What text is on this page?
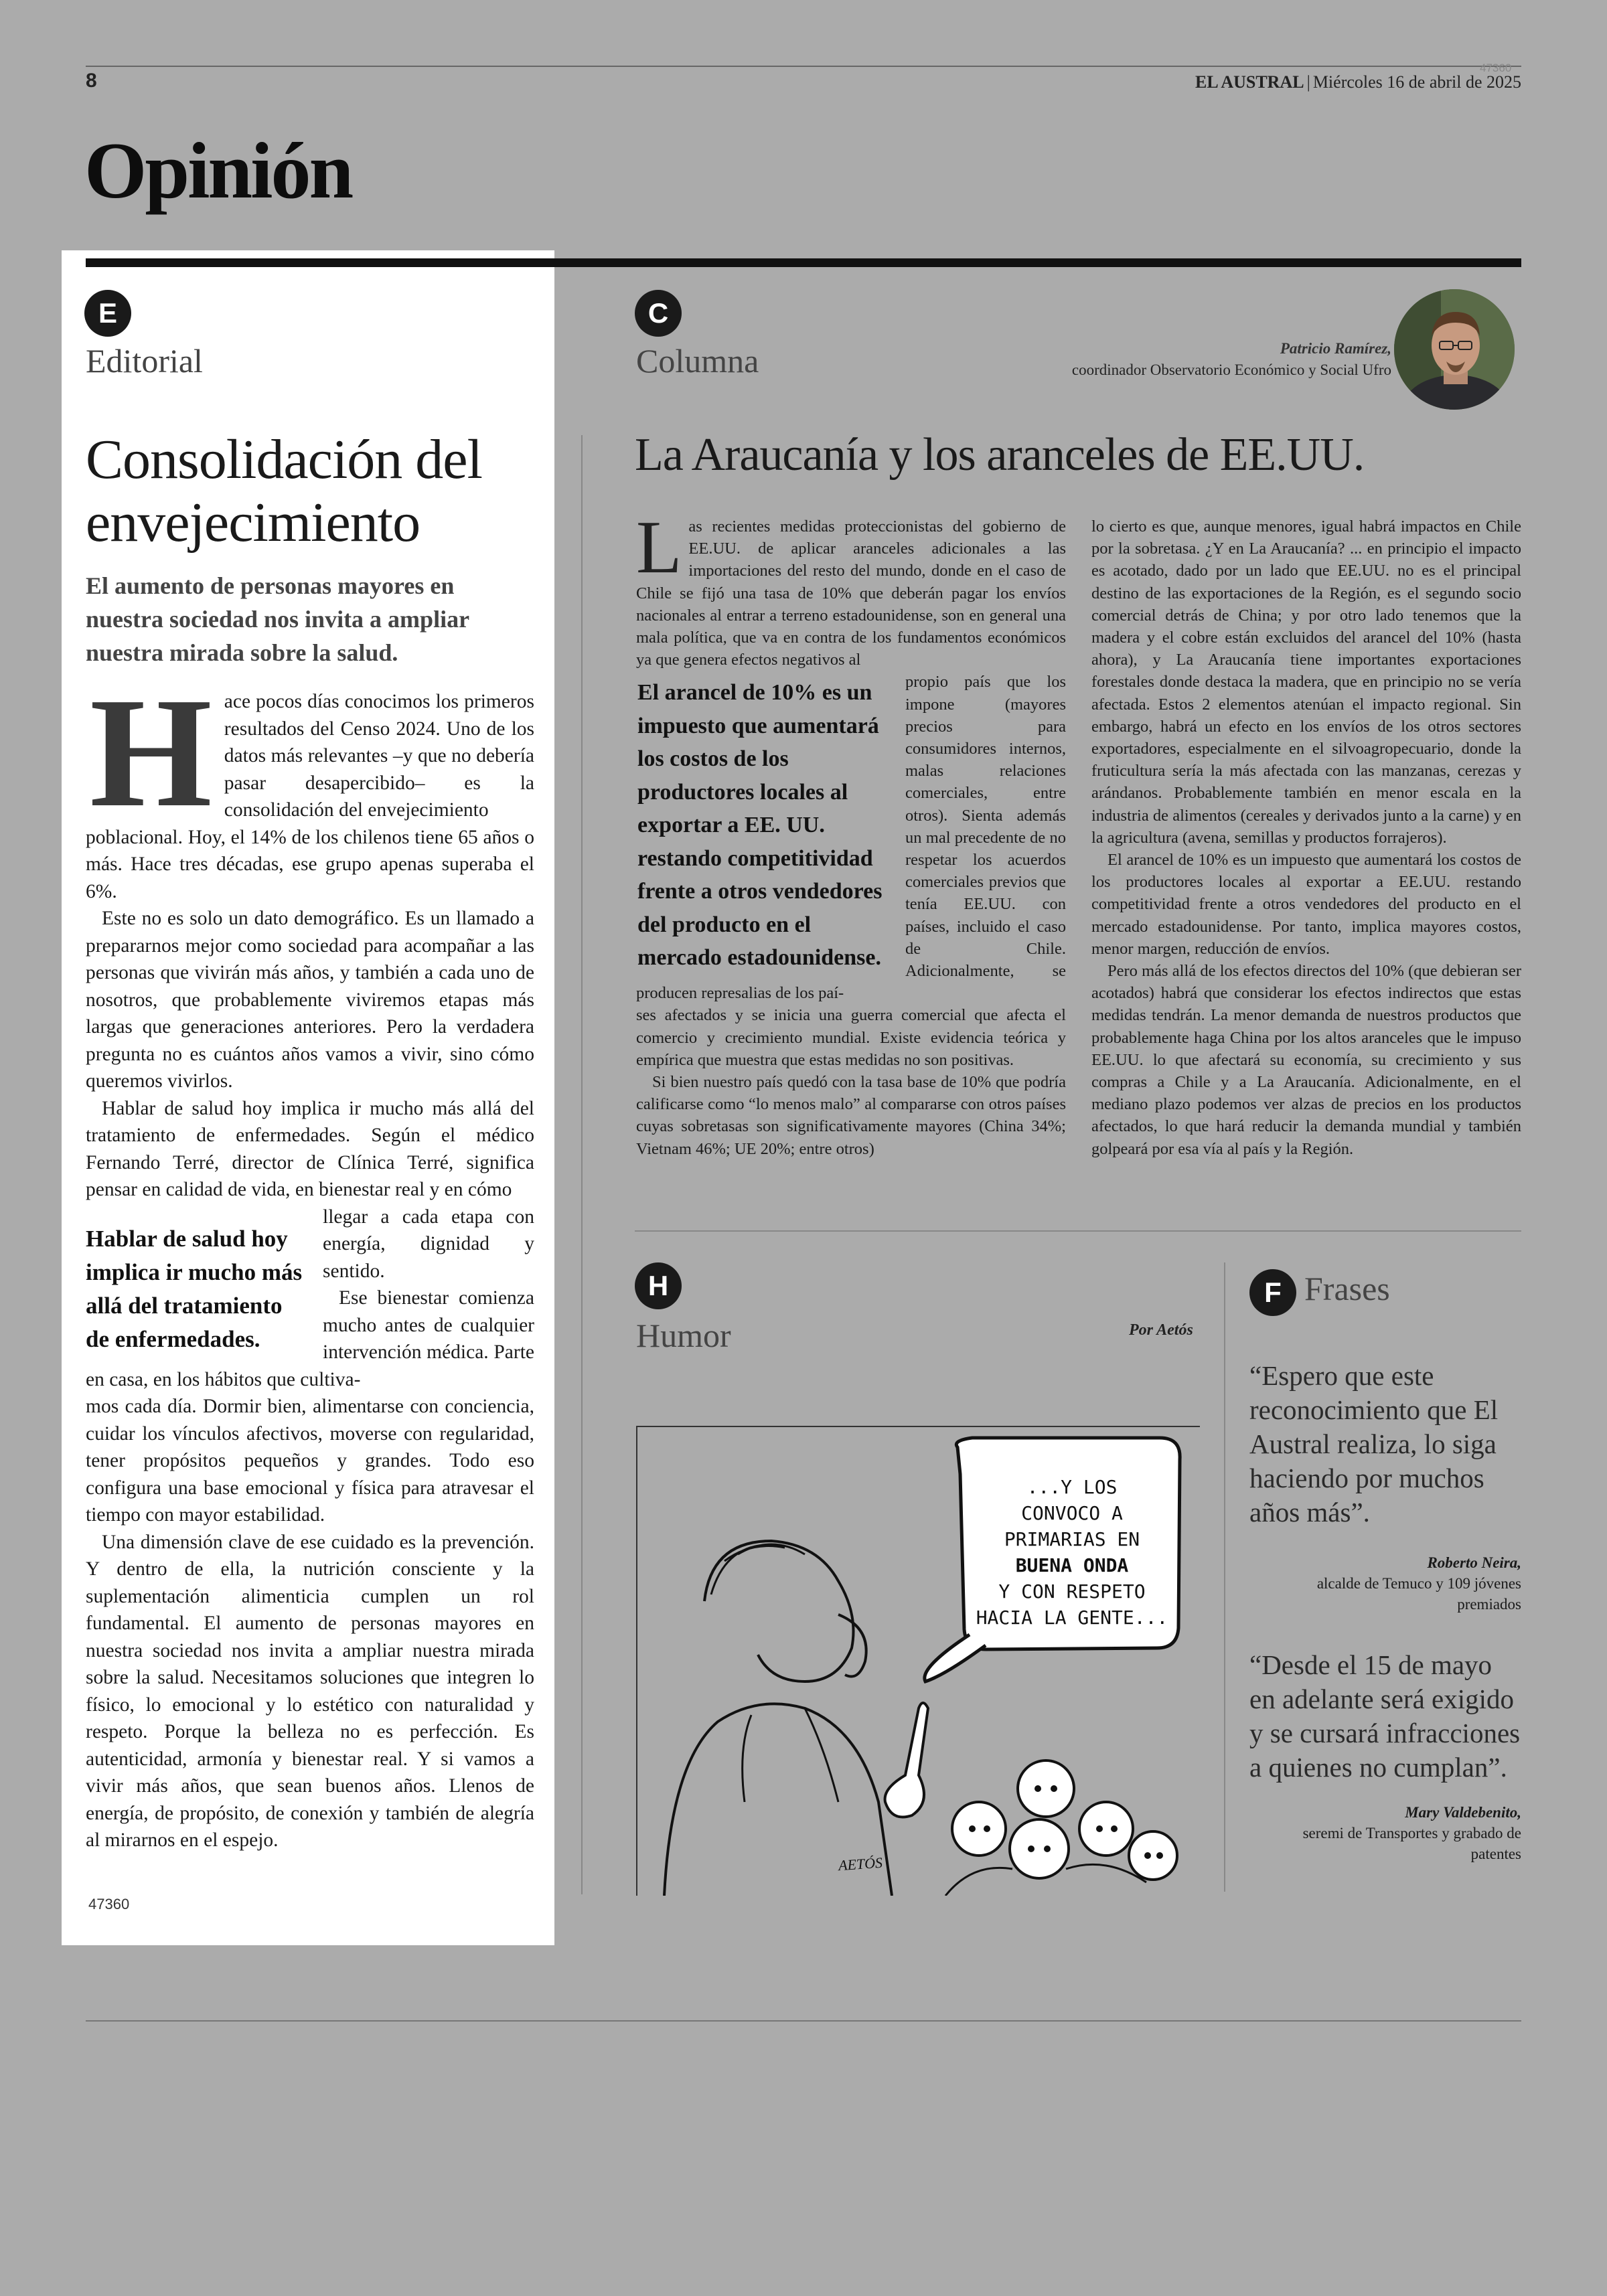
8
47360
EL AUSTRAL | Miércoles 16 de abril de 2025
Opinión
E
Editorial
Consolidación del envejecimiento
El aumento de personas mayores en nuestra sociedad nos invita a ampliar nuestra mirada sobre la salud.
H ace pocos días conocimos los primeros resultados del Censo 2024. Uno de los datos más relevantes –y que no debería pasar desapercibido– es la consolidación del envejecimiento

poblacional. Hoy, el 14% de los chilenos tiene 65 años o más. Hace tres décadas, ese grupo apenas superaba el 6%.

Este no es solo un dato demográfico. Es un llamado a prepararnos mejor como sociedad para acompañar a las personas que vivirán más años, y también a cada uno de nosotros, que probablemente viviremos etapas más largas que generaciones anteriores. Pero la verdadera pregunta no es cuántos años vamos a vivir, sino cómo queremos vivirlos.

Hablar de salud hoy implica ir mucho más allá del tratamiento de enfermedades. Según el médico Fernando Terré, director de Clínica Terré, significa pensar en calidad de vida, en bienestar real y en cómo

Hablar de salud hoy implica ir mucho más allá del tratamiento de enfermedades.

llegar a cada etapa con energía, dignidad y sentido.

Ese bienestar comienza mucho antes de cualquier intervención médica. Parte en casa, en los hábitos que cultiva-

mos cada día. Dormir bien, alimentarse con conciencia, cuidar los vínculos afectivos, moverse con regularidad, tener propósitos pequeños y grandes. Todo eso configura una base emocional y física para atravesar el tiempo con mayor estabilidad.

Una dimensión clave de ese cuidado es la prevención. Y dentro de ella, la nutrición consciente y la suplementación alimenticia cumplen un rol fundamental. El aumento de personas mayores en nuestra sociedad nos invita a ampliar nuestra mirada sobre la salud. Necesitamos soluciones que integren lo físico, lo emocional y lo estético con naturalidad y respeto. Porque la belleza no es perfección. Es autenticidad, armonía y bienestar real. Y si vamos a vivir más años, que sean buenos años. Llenos de energía, de propósito, de conexión y también de alegría al mirarnos en el espejo.

47360
C
Columna	Patricio Ramírez,
coordinador Observatorio Económico y Social Ufro
La Araucanía y los aranceles de EE.UU.
L as recientes medidas proteccionistas del gobierno de EE.UU. de aplicar aranceles adicionales a las importaciones del resto del mundo, donde en el caso de Chile se fijó una tasa de 10% que deberán pagar los envíos nacionales al entrar a terreno estadounidense, son en general una mala política, que va en contra de los fundamentos económicos ya que genera efectos negativos al

El arancel de 10% es un impuesto que aumentará los costos de los productores locales al exportar a EE. UU. restando competitividad frente a otros vendedores del producto en el mercado estadounidense.

propio país que los impone (mayores precios para consumidores internos, malas relaciones comerciales, entre otros). Sienta además un mal precedente de no respetar los acuerdos comerciales previos que tenía EE.UU. con países, incluido el caso de Chile. Adicionalmente, se producen represalias de los paí-

ses afectados y se inicia una guerra comercial que afecta el comercio y crecimiento mundial. Existe evidencia teórica y empírica que muestra que estas medidas no son positivas.

Si bien nuestro país quedó con la tasa base de 10% que podría calificarse como “lo menos malo” al compararse con otros países cuyas sobretasas son significativamente mayores (China 34%; Vietnam 46%; UE 20%; entre otros)

lo cierto es que, aunque menores, igual habrá impactos en Chile por la sobretasa. ¿Y en La Araucanía? ... en principio el impacto es acotado, dado por un lado que EE.UU. no es el principal destino de las exportaciones de la Región, es el segundo socio comercial detrás de China; y por otro lado tenemos que la madera y el cobre están excluidos del arancel del 10% (hasta ahora), y La Araucanía tiene importantes exportaciones forestales donde destaca la madera, que en principio no se vería afectada. Estos 2 elementos atenúan el impacto regional. Sin embargo, habrá un efecto en los envíos de los otros sectores exportadores, especialmente en el silvoagropecuario, donde la fruticultura sería la más afectada con las manzanas, cerezas y arándanos. Probablemente también en menor escala en la industria de alimentos (cereales y derivados junto a la carne) y en la agricultura (avena, semillas y productos forrajeros).

El arancel de 10% es un impuesto que aumentará los costos de los productores locales al exportar a EE.UU. restando competitividad frente a otros vendedores del producto en el mercado estadounidense. Por tanto, implica mayores costos, menor margen, reducción de envíos.

Pero más allá de los efectos directos del 10% (que debieran ser acotados) habrá que considerar los efectos indirectos que estas medidas tendrán. La menor demanda de nuestros productos que probablemente haga China por los altos aranceles que le impuso EE.UU. lo que afectará su economía, su crecimiento y sus compras a Chile y a La Araucanía. Adicionalmente, en el mediano plazo podemos ver alzas de precios en los productos afectados, lo que hará reducir la demanda mundial y también golpeará por esa vía al país y la Región.

H
Humor	Por Aetós
...Y LOS
CONVOCO A
PRIMARIAS EN
BUENA ONDA
Y CON RESPETO
HACIA LA GENTE...
AETÓS
F Frases
“Espero que este reconocimiento que El Austral realiza, lo siga haciendo por muchos años más”.
Roberto Neira,
alcalde de Temuco y 109 jóvenes premiados
“Desde el 15 de mayo en adelante será exigido y se cursará infracciones a quienes no cumplan”.
Mary Valdebenito,
seremi de Transportes y grabado de patentes
